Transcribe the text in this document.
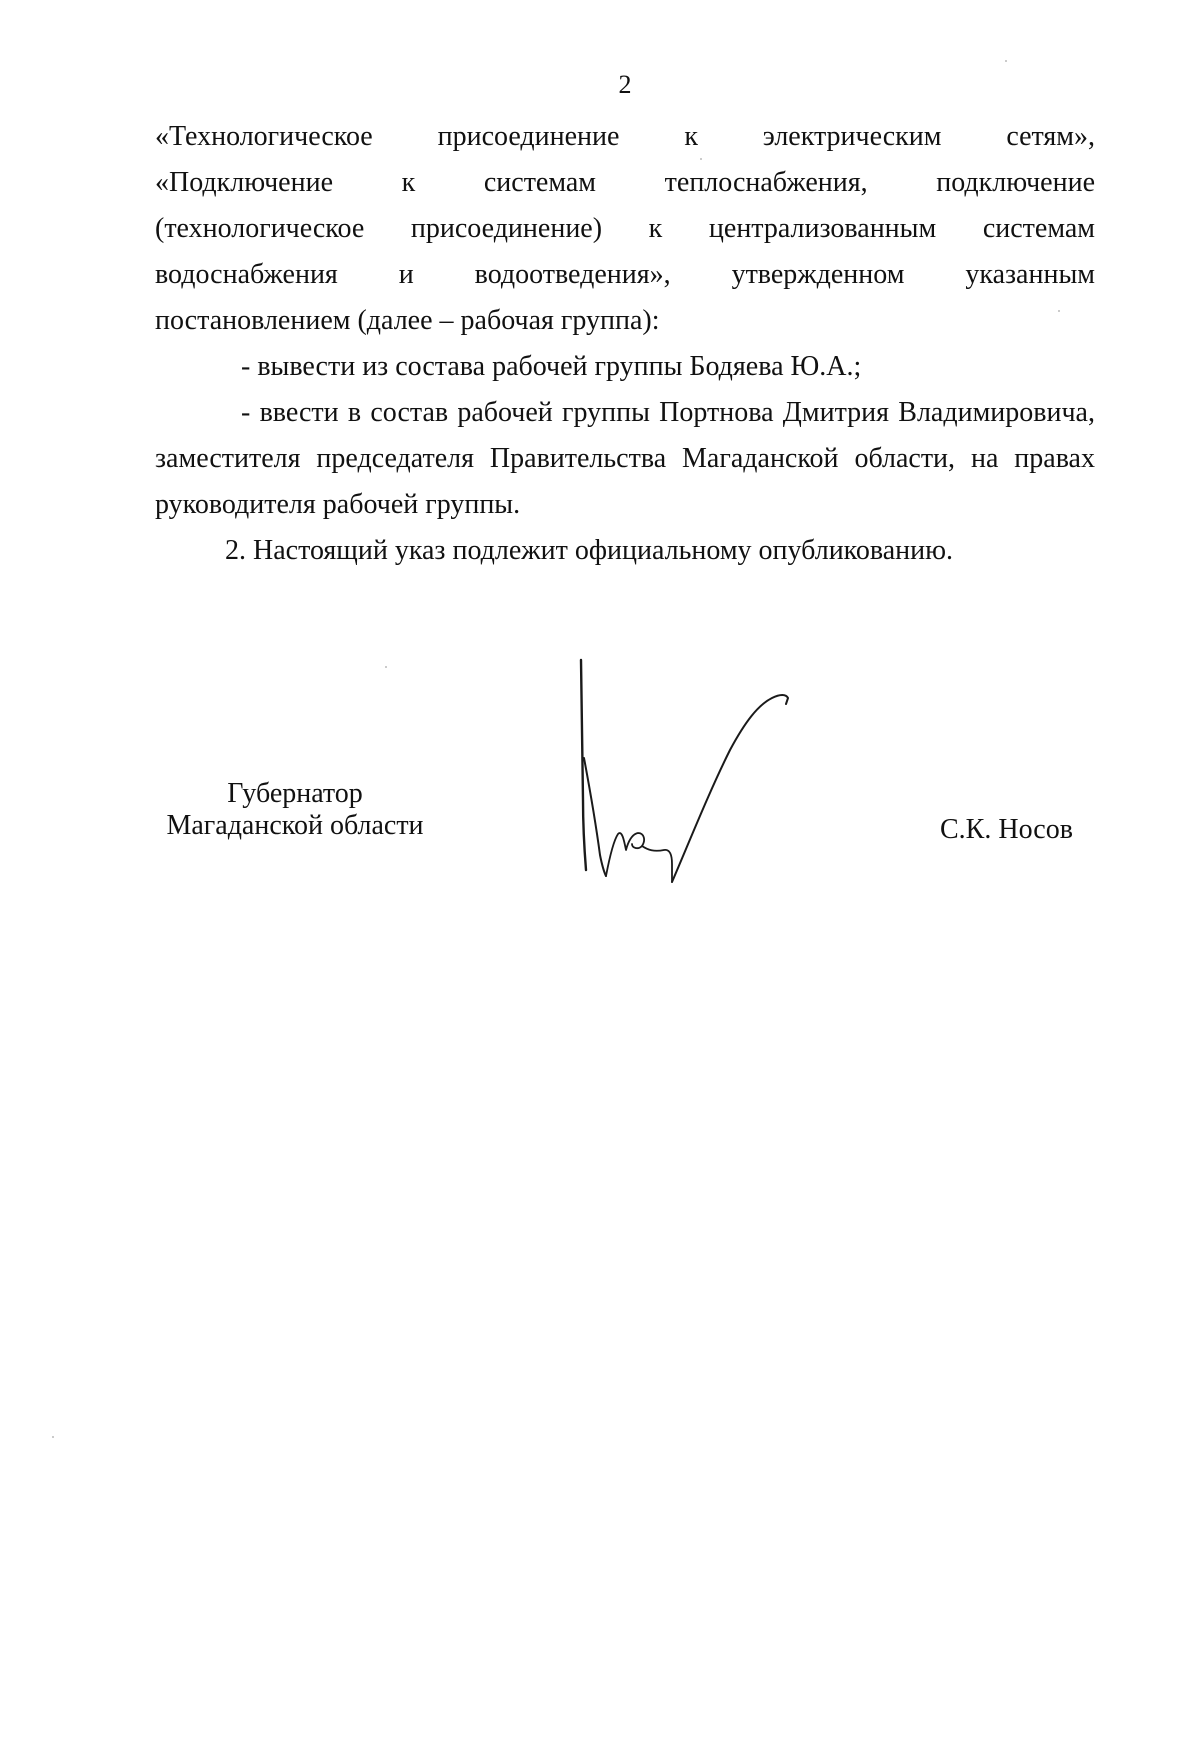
2

«Технологическое присоединение к электрическим сетям»,
«Подключение к системам теплоснабжения, подключение
(технологическое присоединение) к централизованным системам
водоснабжения и водоотведения», утвержденном указанным
постановлением (далее – рабочая группа):

- вывести из состава рабочей группы Бодяева Ю.А.;

- ввести в состав рабочей группы Портнова Дмитрия Владимировича, заместителя председателя Правительства Магаданской области, на правах руководителя рабочей группы.

2. Настоящий указ подлежит официальному опубликованию.

Губернатор
Магаданской области	С.К. Носов
